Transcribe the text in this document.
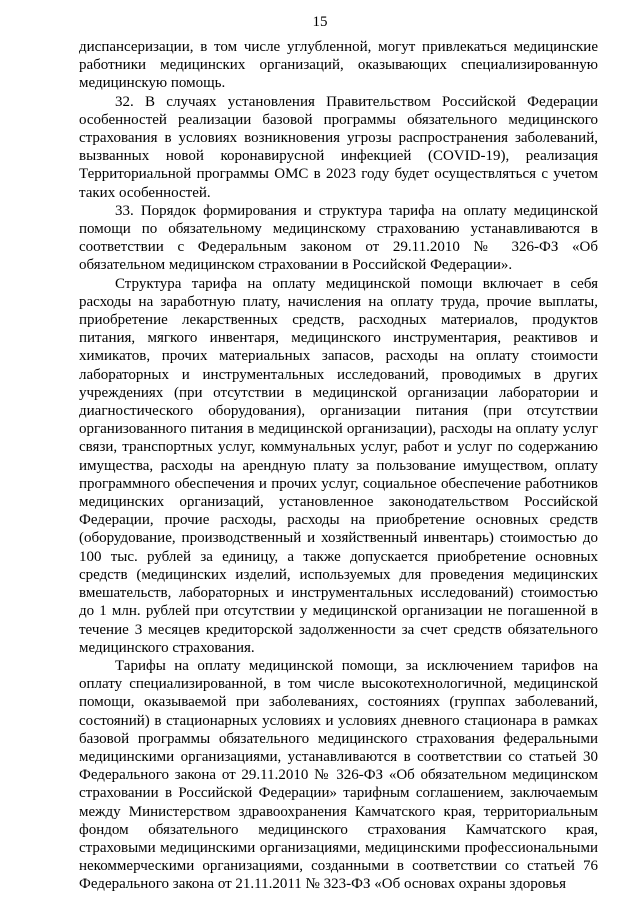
15

диспансеризации, в том числе углубленной, могут привлекаться медицинские работники медицинских организаций, оказывающих специализированную медицинскую помощь.

32. В случаях установления Правительством Российской Федерации особенностей реализации базовой программы обязательного медицинского страхования в условиях возникновения угрозы распространения заболеваний, вызванных новой коронавирусной инфекцией (COVID-19), реализация Территориальной программы ОМС в 2023 году будет осуществляться с учетом таких особенностей.

33. Порядок формирования и структура тарифа на оплату медицинской помощи по обязательному медицинскому страхованию устанавливаются в соответствии с Федеральным законом от 29.11.2010 № 326-ФЗ «Об обязательном медицинском страховании в Российской Федерации».

Структура тарифа на оплату медицинской помощи включает в себя расходы на заработную плату, начисления на оплату труда, прочие выплаты, приобретение лекарственных средств, расходных материалов, продуктов питания, мягкого инвентаря, медицинского инструментария, реактивов и химикатов, прочих материальных запасов, расходы на оплату стоимости лабораторных и инструментальных исследований, проводимых в других учреждениях (при отсутствии в медицинской организации лаборатории и диагностического оборудования), организации питания (при отсутствии организованного питания в медицинской организации), расходы на оплату услуг связи, транспортных услуг, коммунальных услуг, работ и услуг по содержанию имущества, расходы на арендную плату за пользование имуществом, оплату программного обеспечения и прочих услуг, социальное обеспечение работников медицинских организаций, установленное законодательством Российской Федерации, прочие расходы, расходы на приобретение основных средств (оборудование, производственный и хозяйственный инвентарь) стоимостью до 100 тыс. рублей за единицу, а также допускается приобретение основных средств (медицинских изделий, используемых для проведения медицинских вмешательств, лабораторных и инструментальных исследований) стоимостью до 1 млн. рублей при отсутствии у медицинской организации не погашенной в течение 3 месяцев кредиторской задолженности за счет средств обязательного медицинского страхования.

Тарифы на оплату медицинской помощи, за исключением тарифов на оплату специализированной, в том числе высокотехнологичной, медицинской помощи, оказываемой при заболеваниях, состояниях (группах заболеваний, состояний) в стационарных условиях и условиях дневного стационара в рамках базовой программы обязательного медицинского страхования федеральными медицинскими организациями, устанавливаются в соответствии со статьей 30 Федерального закона от 29.11.2010 № 326-ФЗ «Об обязательном медицинском страховании в Российской Федерации» тарифным соглашением, заключаемым между Министерством здравоохранения Камчатского края, территориальным фондом обязательного медицинского страхования Камчатского края, страховыми медицинскими организациями, медицинскими профессиональными некоммерческими организациями, созданными в соответствии со статьей 76 Федерального закона от 21.11.2011 № 323-ФЗ «Об основах охраны здоровья
